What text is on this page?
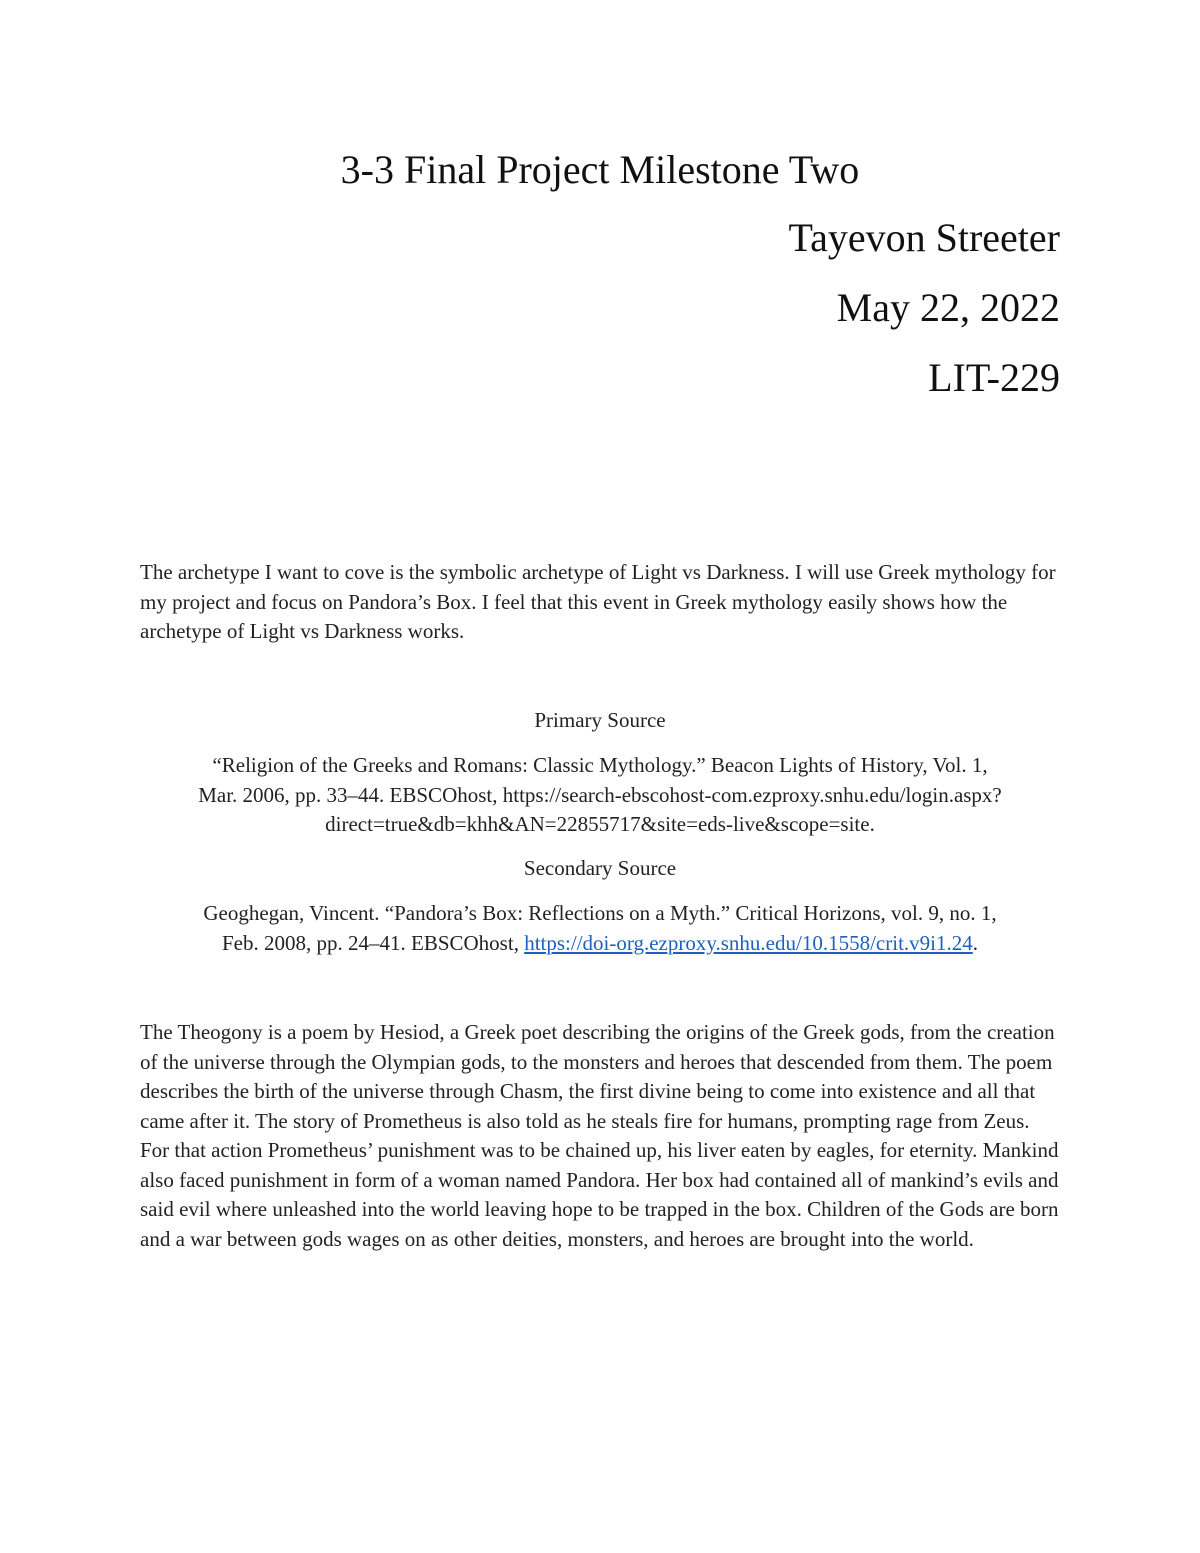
3-3 Final Project Milestone Two
Tayevon Streeter
May 22, 2022
LIT-229

The archetype I want to cove is the symbolic archetype of Light vs Darkness. I will use Greek mythology for my project and focus on Pandora’s Box. I feel that this event in Greek mythology easily shows how the archetype of Light vs Darkness works.

Primary Source

“Religion of the Greeks and Romans: Classic Mythology.” Beacon Lights of History, Vol. 1,
Mar. 2006, pp. 33–44. EBSCOhost, https://search-ebscohost-com.ezproxy.snhu.edu/login.aspx?
direct=true&db=khh&AN=22855717&site=eds-live&scope=site.

Secondary Source

Geoghegan, Vincent. “Pandora’s Box: Reflections on a Myth.” Critical Horizons, vol. 9, no. 1,
Feb. 2008, pp. 24–41. EBSCOhost, https://doi-org.ezproxy.snhu.edu/10.1558/crit.v9i1.24.

The Theogony is a poem by Hesiod, a Greek poet describing the origins of the Greek gods, from the creation of the universe through the Olympian gods, to the monsters and heroes that descended from them. The poem describes the birth of the universe through Chasm, the first divine being to come into existence and all that came after it. The story of Prometheus is also told as he steals fire for humans, prompting rage from Zeus. For that action Prometheus’ punishment was to be chained up, his liver eaten by eagles, for eternity. Mankind also faced punishment in form of a woman named Pandora. Her box had contained all of mankind’s evils and said evil where unleashed into the world leaving hope to be trapped in the box. Children of the Gods are born and a war between gods wages on as other deities, monsters, and heroes are brought into the world.
